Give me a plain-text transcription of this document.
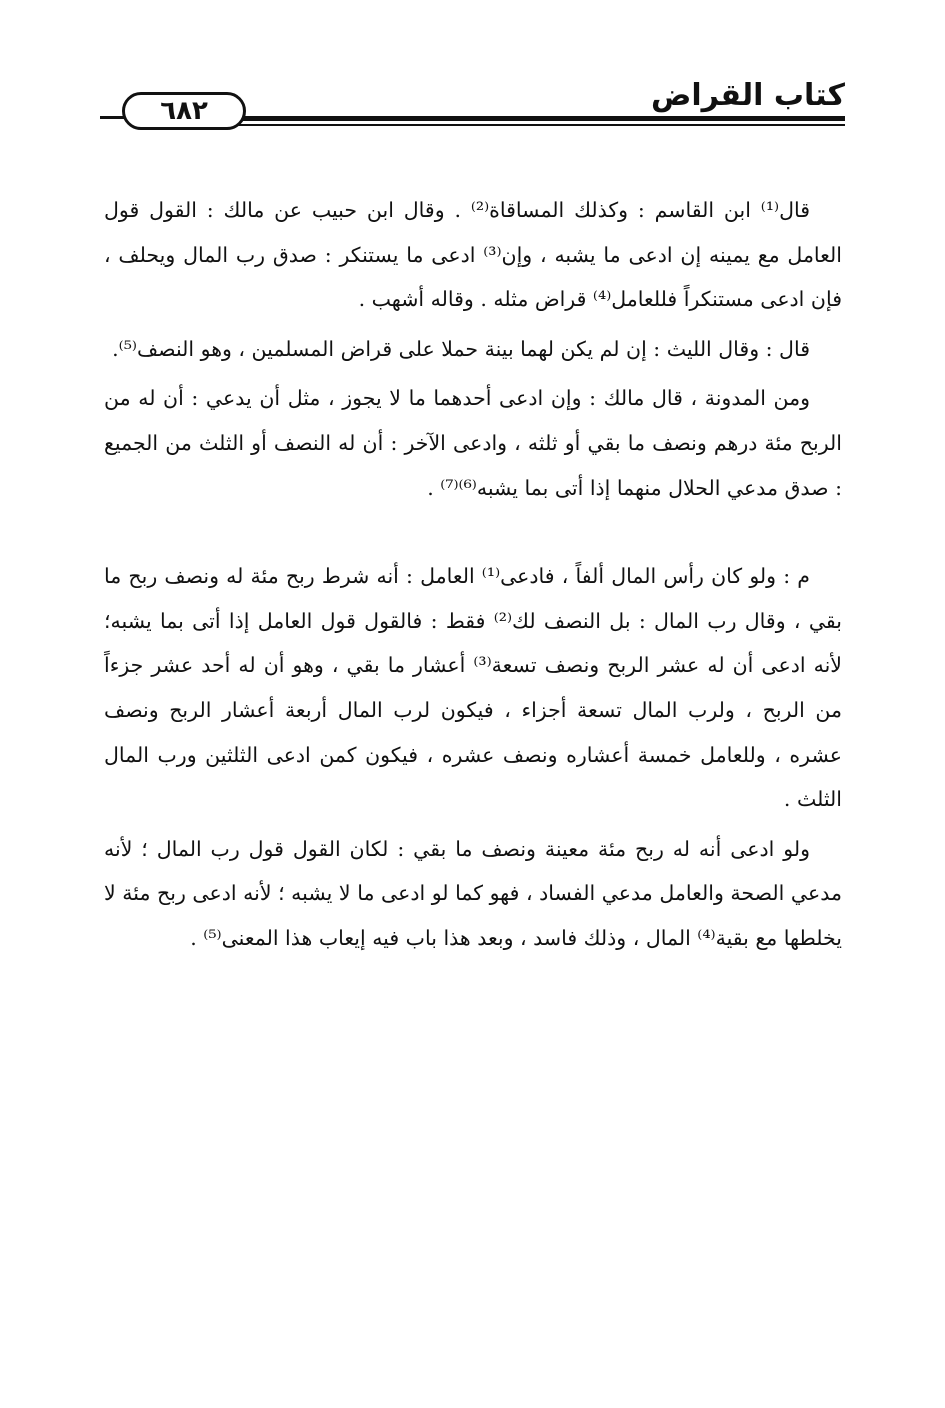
كتاب القراض
٦٨٢

قال⁽¹⁾ ابن القاسم : وكذلك المساقاة⁽²⁾ . وقال ابن حبيب عن مالك : القول قول العامل مع يمينه إن ادعى ما يشبه ، وإن⁽³⁾ ادعى ما يستنكر : صدق رب المال ويحلف ، فإن ادعى مستنكراً فللعامل⁽⁴⁾ قراض مثله . وقاله أشهب .

قال : وقال الليث : إن لم يكن لهما بينة حملا على قراض المسلمين ، وهو النصف⁽⁵⁾.

ومن المدونة ، قال مالك : وإن ادعى أحدهما ما لا يجوز ، مثل أن يدعي : أن له من الربح مئة درهم ونصف ما بقي أو ثلثه ، وادعى الآخر : أن له النصف أو الثلث من الجميع : صدق مدعي الحلال منهما إذا أتى بما يشبه⁽⁶⁾⁽⁷⁾ .

م : ولو كان رأس المال ألفاً ، فادعى⁽¹⁾ العامل : أنه شرط ربح مئة له ونصف ربح ما بقي ، وقال رب المال : بل النصف لك⁽²⁾ فقط : فالقول قول العامل إذا أتى بما يشبه؛ لأنه ادعى أن له عشر الربح ونصف تسعة⁽³⁾ أعشار ما بقي ، وهو أن له أحد عشر جزءاً من الربح ، ولرب المال تسعة أجزاء ، فيكون لرب المال أربعة أعشار الربح ونصف عشره ، وللعامل خمسة أعشاره ونصف عشره ، فيكون كمن ادعى الثلثين ورب المال الثلث .

ولو ادعى أنه له ربح مئة معينة ونصف ما بقي : لكان القول قول رب المال ؛ لأنه مدعي الصحة والعامل مدعي الفساد ، فهو كما لو ادعى ما لا يشبه ؛ لأنه ادعى ربح مئة لا يخلطها مع بقية⁽⁴⁾ المال ، وذلك فاسد ، وبعد هذا باب فيه إيعاب هذا المعنى⁽⁵⁾ .
